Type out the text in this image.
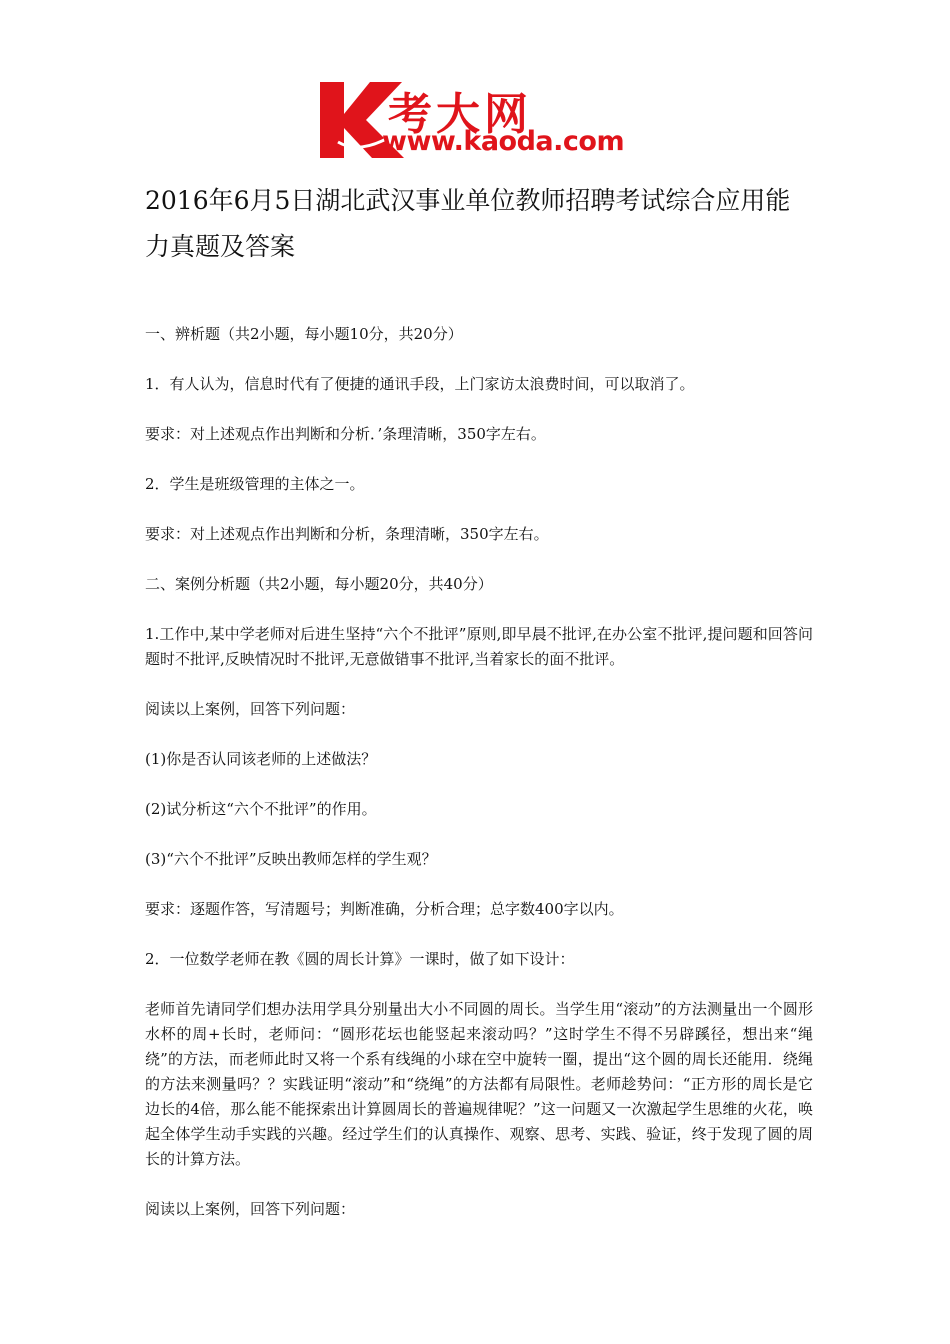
考大网
www.kaoda.com
2016年6月5日湖北武汉事业单位教师招聘考试综合应用能力真题及答案

一、辨析题（共2小题，每小题10分，共20分）

1．有人认为，信息时代有了便捷的通讯手段，上门家访太浪费时间，可以取消了。

要求：对上述观点作出判断和分析．’条理清晰，350字左右。

2．学生是班级管理的主体之一。

要求：对上述观点作出判断和分析，条理清晰，350字左右。

二、案例分析题（共2小题，每小题20分，共40分）

1.工作中,某中学老师对后进生坚持“六个不批评”原则,即早晨不批评,在办公室不批评,提问题和回答问题时不批评,反映情况时不批评,无意做错事不批评,当着家长的面不批评。

阅读以上案例，回答下列问题：

(1)你是否认同该老师的上述做法？

(2)试分析这“六个不批评”的作用。

(3)“六个不批评”反映出教师怎样的学生观？

要求：逐题作答，写清题号；判断准确，分析合理；总字数400字以内。

2．一位数学老师在教《圆的周长计算》一课时，做了如下设计：

老师首先请同学们想办法用学具分别量出大小不同圆的周长。当学生用“滚动”的方法测量出一个圆形水杯的周+长时，老师问：“圆形花坛也能竖起来滚动吗？”这时学生不得不另辟蹊径，想出来“绳绕”的方法，而老师此时又将一个系有线绳的小球在空中旋转一圈，提出“这个圆的周长还能用．绕绳的方法来测量吗？？实践证明“滚动”和“绕绳”的方法都有局限性。老师趁势问：“正方形的周长是它边长的4倍，那么能不能探索出计算圆周长的普遍规律呢？”这一问题又一次激起学生思维的火花，唤起全体学生动手实践的兴趣。经过学生们的认真操作、观察、思考、实践、验证，终于发现了圆的周长的计算方法。

阅读以上案例，回答下列问题：
